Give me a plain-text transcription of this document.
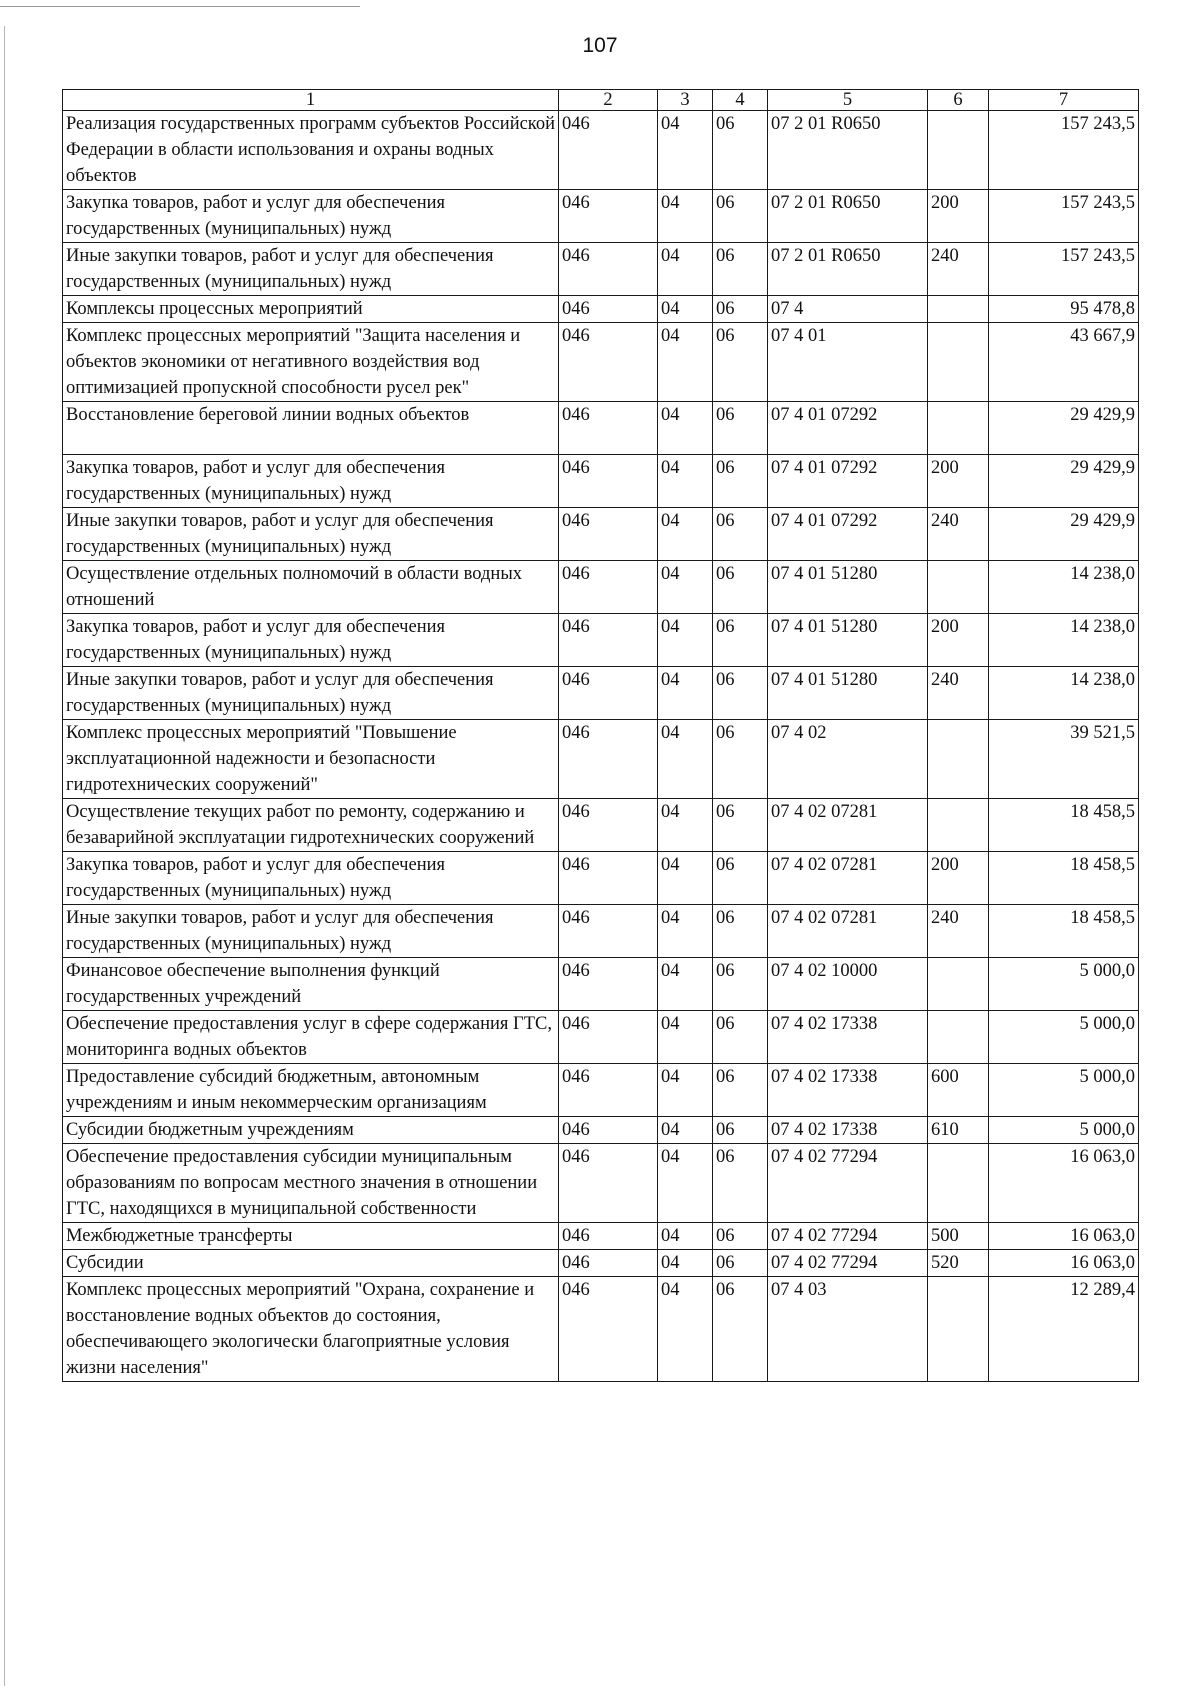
107
1	2	3	4	5	6	7
Реализация государственных программ субъектов Российской Федерации в области использования и охраны водных объектов	046	04	06	07 2 01 R0650		157 243,5
Закупка товаров, работ и услуг для обеспечения государственных (муниципальных) нужд	046	04	06	07 2 01 R0650	200	157 243,5
Иные закупки товаров, работ и услуг для обеспечения государственных (муниципальных) нужд	046	04	06	07 2 01 R0650	240	157 243,5
Комплексы процессных мероприятий	046	04	06	07 4		95 478,8
Комплекс процессных мероприятий "Защита населения и объектов экономики от негативного воздействия вод оптимизацией пропускной способности русел рек"	046	04	06	07 4 01		43 667,9
Восстановление береговой линии водных объектов	046	04	06	07 4 01 07292		29 429,9
Закупка товаров, работ и услуг для обеспечения государственных (муниципальных) нужд	046	04	06	07 4 01 07292	200	29 429,9
Иные закупки товаров, работ и услуг для обеспечения государственных (муниципальных) нужд	046	04	06	07 4 01 07292	240	29 429,9
Осуществление отдельных полномочий в области водных отношений	046	04	06	07 4 01 51280		14 238,0
Закупка товаров, работ и услуг для обеспечения государственных (муниципальных) нужд	046	04	06	07 4 01 51280	200	14 238,0
Иные закупки товаров, работ и услуг для обеспечения государственных (муниципальных) нужд	046	04	06	07 4 01 51280	240	14 238,0
Комплекс процессных мероприятий "Повышение эксплуатационной надежности и безопасности гидротехнических сооружений"	046	04	06	07 4 02		39 521,5
Осуществление текущих работ по ремонту, содержанию и безаварийной эксплуатации гидротехнических сооружений	046	04	06	07 4 02 07281		18 458,5
Закупка товаров, работ и услуг для обеспечения государственных (муниципальных) нужд	046	04	06	07 4 02 07281	200	18 458,5
Иные закупки товаров, работ и услуг для обеспечения государственных (муниципальных) нужд	046	04	06	07 4 02 07281	240	18 458,5
Финансовое обеспечение выполнения функций государственных учреждений	046	04	06	07 4 02 10000		5 000,0
Обеспечение предоставления услуг в сфере содержания ГТС, мониторинга водных объектов	046	04	06	07 4 02 17338		5 000,0
Предоставление субсидий бюджетным, автономным учреждениям и иным некоммерческим организациям	046	04	06	07 4 02 17338	600	5 000,0
Субсидии бюджетным учреждениям	046	04	06	07 4 02 17338	610	5 000,0
Обеспечение предоставления субсидии муниципальным образованиям по вопросам местного значения в отношении ГТС, находящихся в муниципальной собственности	046	04	06	07 4 02 77294		16 063,0
Межбюджетные трансферты	046	04	06	07 4 02 77294	500	16 063,0
Субсидии	046	04	06	07 4 02 77294	520	16 063,0
Комплекс процессных мероприятий "Охрана, сохранение и восстановление водных объектов до состояния, обеспечивающего экологически благоприятные условия жизни населения"	046	04	06	07 4 03		12 289,4
